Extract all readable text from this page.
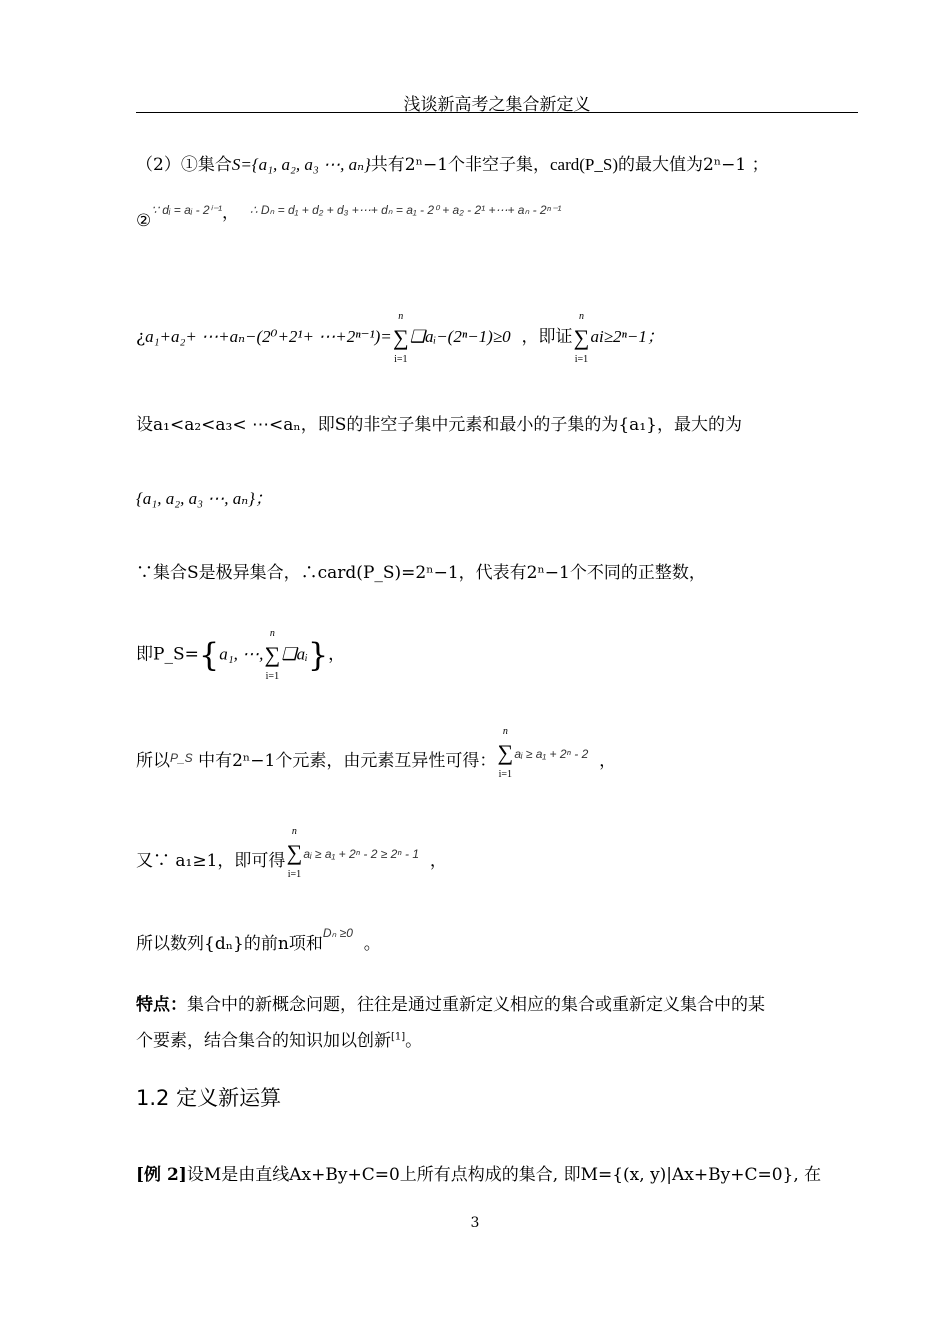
浅谈新高考之集合新定义
（2）①集合S={a₁, a₂, a₃ ⋯, aₙ}共有2ⁿ−1个非空子集，card(P_S)的最大值为2ⁿ−1 ；
②$^{\because dᵢ = aᵢ - 2^{i-1}}$， $^{\therefore D_n = d_1 + d_2 + d_3 +\cdots+ d_n = a_1 - 2^0 + a_2 - 2^1 +\cdots+ a_n - 2^{n-1}}$
¿a₁+a₂+ ⋯+aₙ−(2⁰+2¹+ ⋯+2ⁿ⁻¹)=∑
n
i=1
❑aᵢ−(2ⁿ−1)≥0 ，即证∑
n
i=1
ai≥2ⁿ−1；
设a₁<a₂<a₃< ⋯<aₙ，即S的非空子集中元素和最小的子集的为{a₁}，最大的为
{a₁, a₂, a₃ ⋯, aₙ}；
∵集合S是极异集合，∴card(P_S)=2ⁿ−1，代表有2ⁿ−1个不同的正整数，
即P_S={a₁, ⋯,∑
n
i=1
❑aᵢ}，
所以$^{P\_S}$ 中有2ⁿ−1个元素，由元素互异性可得：∑
n
i=1
$^{aᵢ \ge a_1 + 2^n - 2}$ ，
又∵ a₁≥1，即可得∑
n
i=1
$^{aᵢ \ge a_1 + 2^n - 2 \ge 2^n - 1}$ ，
所以数列{dₙ}的前n项和$^{D_n \ge 0}$  。
特点：集合中的新概念问题，往往是通过重新定义相应的集合或重新定义集合中的某
个要素，结合集合的知识加以创新[1]。
1.2 定义新运算
[例 2]设M是由直线Ax+By+C=0上所有点构成的集合, 即M={(x, y)|Ax+By+C=0}, 在
3
